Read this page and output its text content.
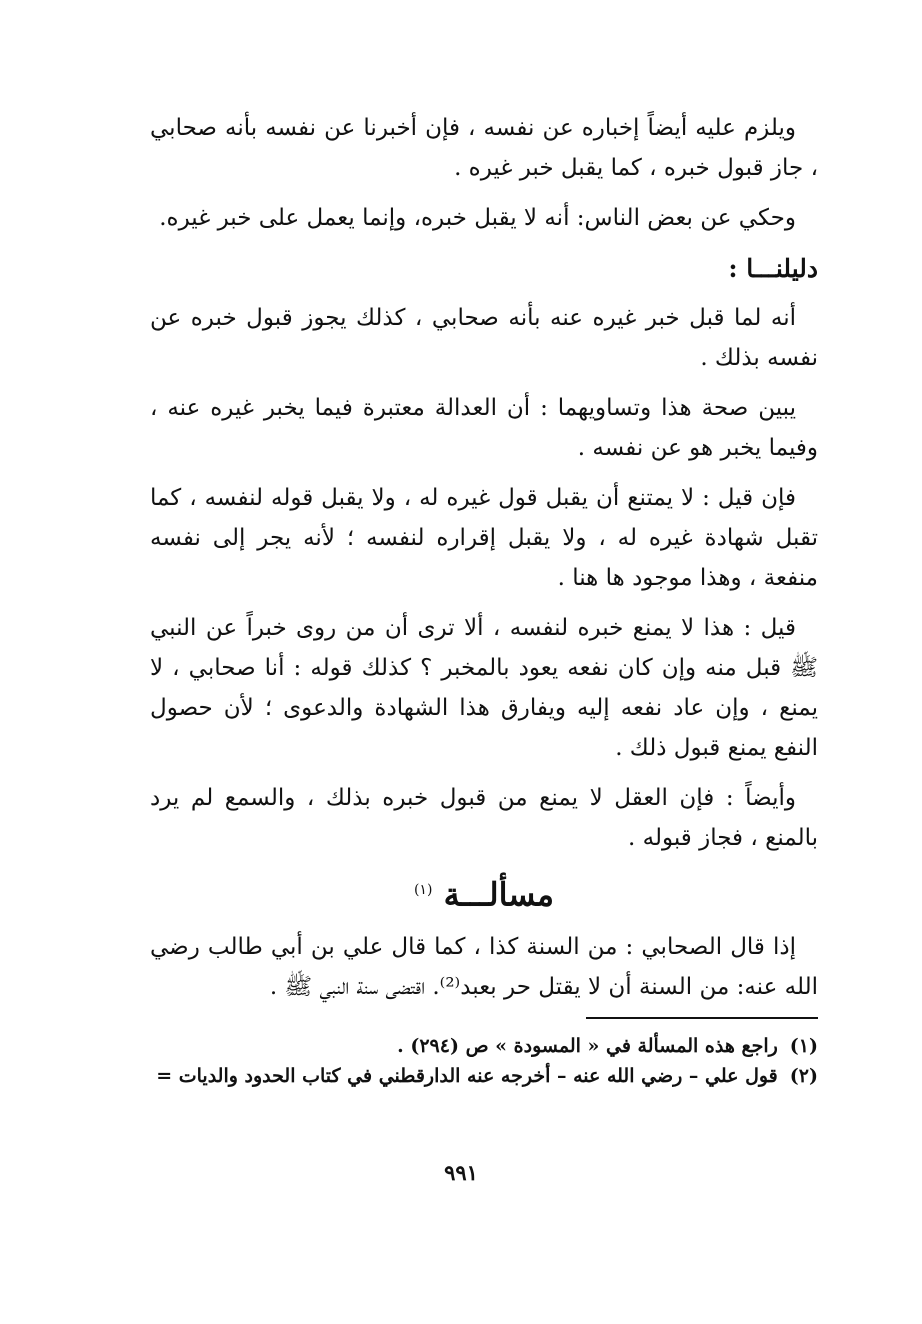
ويلزم عليه أيضاً إخباره عن نفسه ، فإن أخبرنا عن نفسه بأنه صحابي ، جاز قبول خبره ، كما يقبل خبر غيره .

وحكي عن بعض الناس: أنه لا يقبل خبره، وإنما يعمل على خبر غيره.

دليلنـــا :

أنه لما قبل خبر غيره عنه بأنه صحابي ، كذلك يجوز قبول خبره عن نفسه بذلك .

يبين صحة هذا وتساويهما : أن العدالة معتبرة فيما يخبر غيره عنه ، وفيما يخبر هو عن نفسه .

فإن قيل : لا يمتنع أن يقبل قول غيره له ، ولا يقبل قوله لنفسه ، كما تقبل شهادة غيره له ، ولا يقبل إقراره لنفسه ؛ لأنه يجر إلى نفسه منفعة ، وهذا موجود ها هنا .

قيل : هذا لا يمنع خبره لنفسه ، ألا ترى أن من روى خبراً عن النبي ﷺ قبل منه وإن كان نفعه يعود بالمخبر ؟ كذلك قوله : أنا صحابي ، لا يمنع ، وإن عاد نفعه إليه ويفارق هذا الشهادة والدعوى ؛ لأن حصول النفع يمنع قبول ذلك .

وأيضاً : فإن العقل لا يمنع من قبول خبره بذلك ، والسمع لم يرد بالمنع ، فجاز قبوله .

مسألـــة $^{(١)}$

إذا قال الصحابي : من السنة كذا ، كما قال علي بن أبي طالب رضي الله عنه: من السنة أن لا يقتل حر بعبد⁽²⁾. اقتضى سنة النبي ﷺ .

(١)راجع هذه المسألة في « المسودة » ص (٢٩٤) .

(٢)قول علي – رضي الله عنه – أخرجه عنه الدارقطني في كتاب الحدود والديات =

٩٩١
